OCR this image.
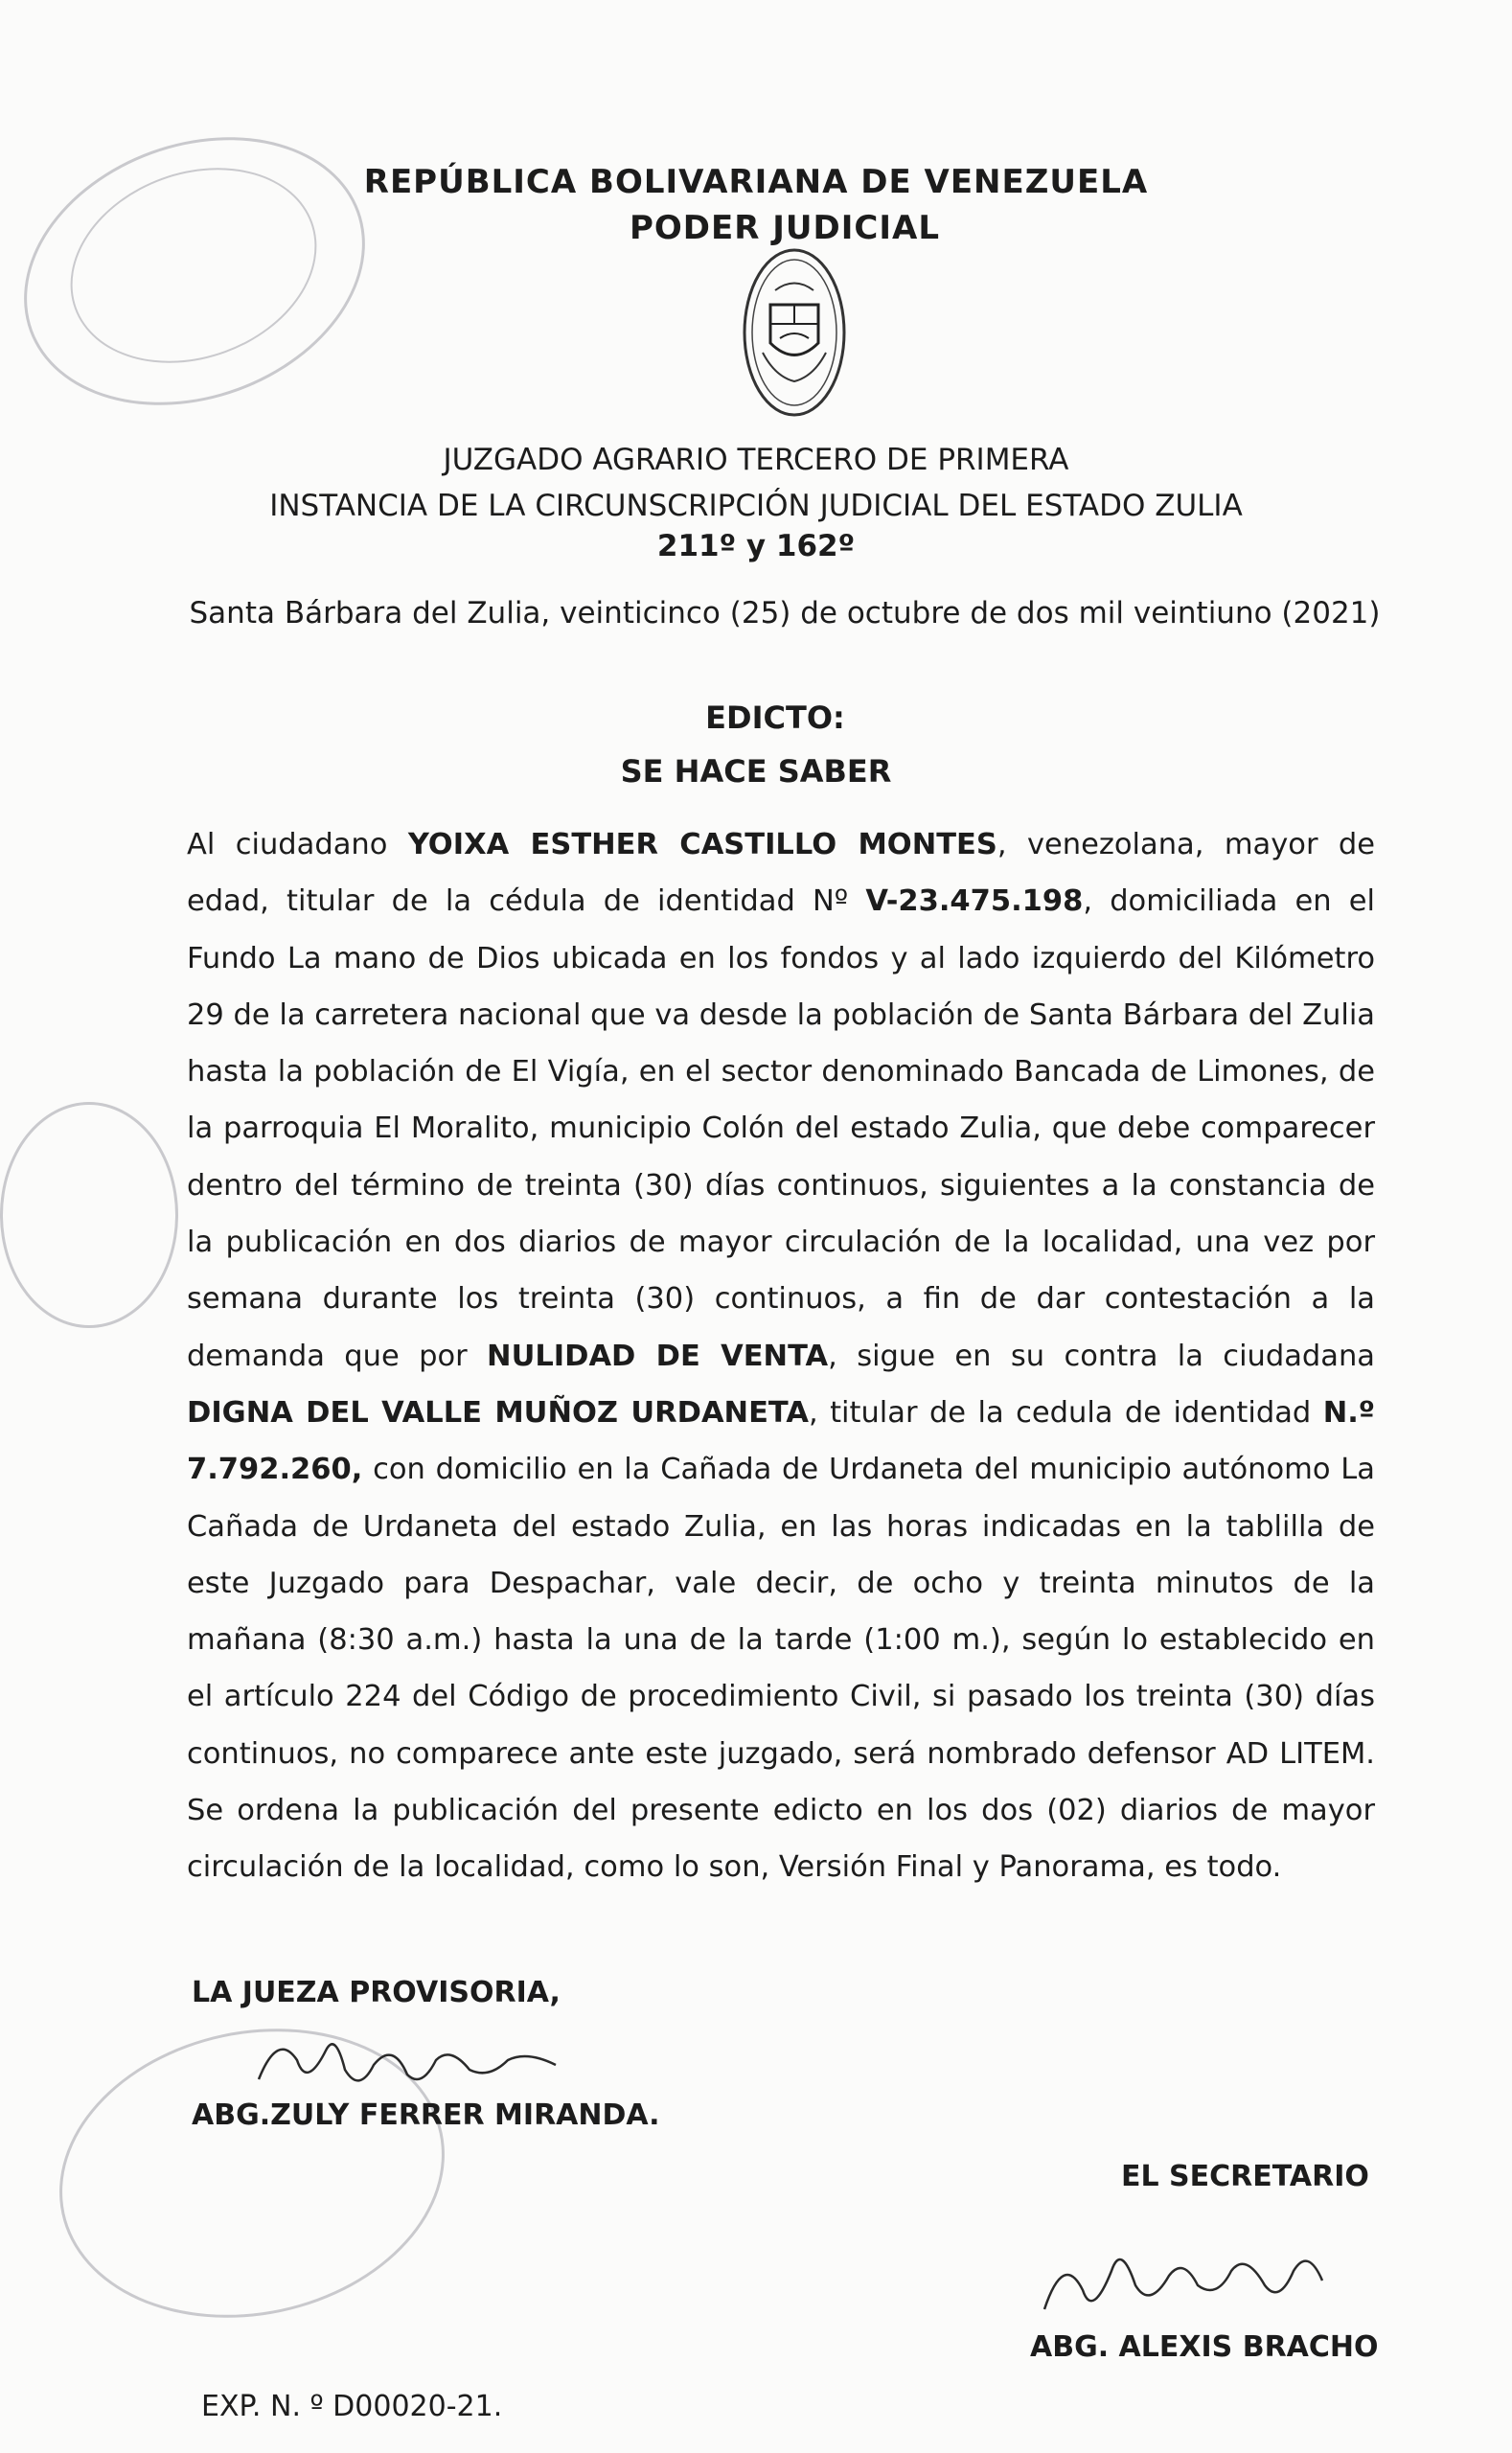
REPÚBLICA BOLIVARIANA DE VENEZUELA
PODER JUDICIAL
JUZGADO AGRARIO TERCERO DE PRIMERA
INSTANCIA DE LA CIRCUNSCRIPCIÓN JUDICIAL DEL ESTADO ZULIA
211º y 162º
Santa Bárbara del Zulia, veinticinco (25) de octubre de dos mil veintiuno (2021)
EDICTO:
SE HACE SABER
Al ciudadano YOIXA ESTHER CASTILLO MONTES, venezolana, mayor de edad, titular de la cédula de identidad Nº V-23.475.198, domiciliada en el Fundo La mano de Dios ubicada en los fondos y al lado izquierdo del Kilómetro 29 de la carretera nacional que va desde la población de Santa Bárbara del Zulia hasta la población de El Vigía, en el sector denominado Bancada de Limones, de la parroquia El Moralito, municipio Colón del estado Zulia, que debe comparecer dentro del término de treinta (30) días continuos, siguientes a la constancia de la publicación en dos diarios de mayor circulación de la localidad, una vez por semana durante los treinta (30) continuos, a fin de dar contestación a la demanda que por NULIDAD DE VENTA, sigue en su contra la ciudadana DIGNA DEL VALLE MUÑOZ URDANETA, titular de la cedula de identidad N.º 7.792.260, con domicilio en la Cañada de Urdaneta del municipio autónomo La Cañada de Urdaneta del estado Zulia, en las horas indicadas en la tablilla de este Juzgado para Despachar, vale decir, de ocho y treinta minutos de la mañana (8:30 a.m.) hasta la una de la tarde (1:00 m.), según lo establecido en el artículo 224 del Código de procedimiento Civil, si pasado los treinta (30) días continuos, no comparece ante este juzgado, será nombrado defensor AD LITEM. Se ordena la publicación del presente edicto en los dos (02) diarios de mayor circulación de la localidad, como lo son, Versión Final y Panorama, es todo.
LA JUEZA PROVISORIA,
ABG.ZULY FERRER MIRANDA.
EL SECRETARIO
ABG. ALEXIS BRACHO
EXP. N. º D00020-21.
